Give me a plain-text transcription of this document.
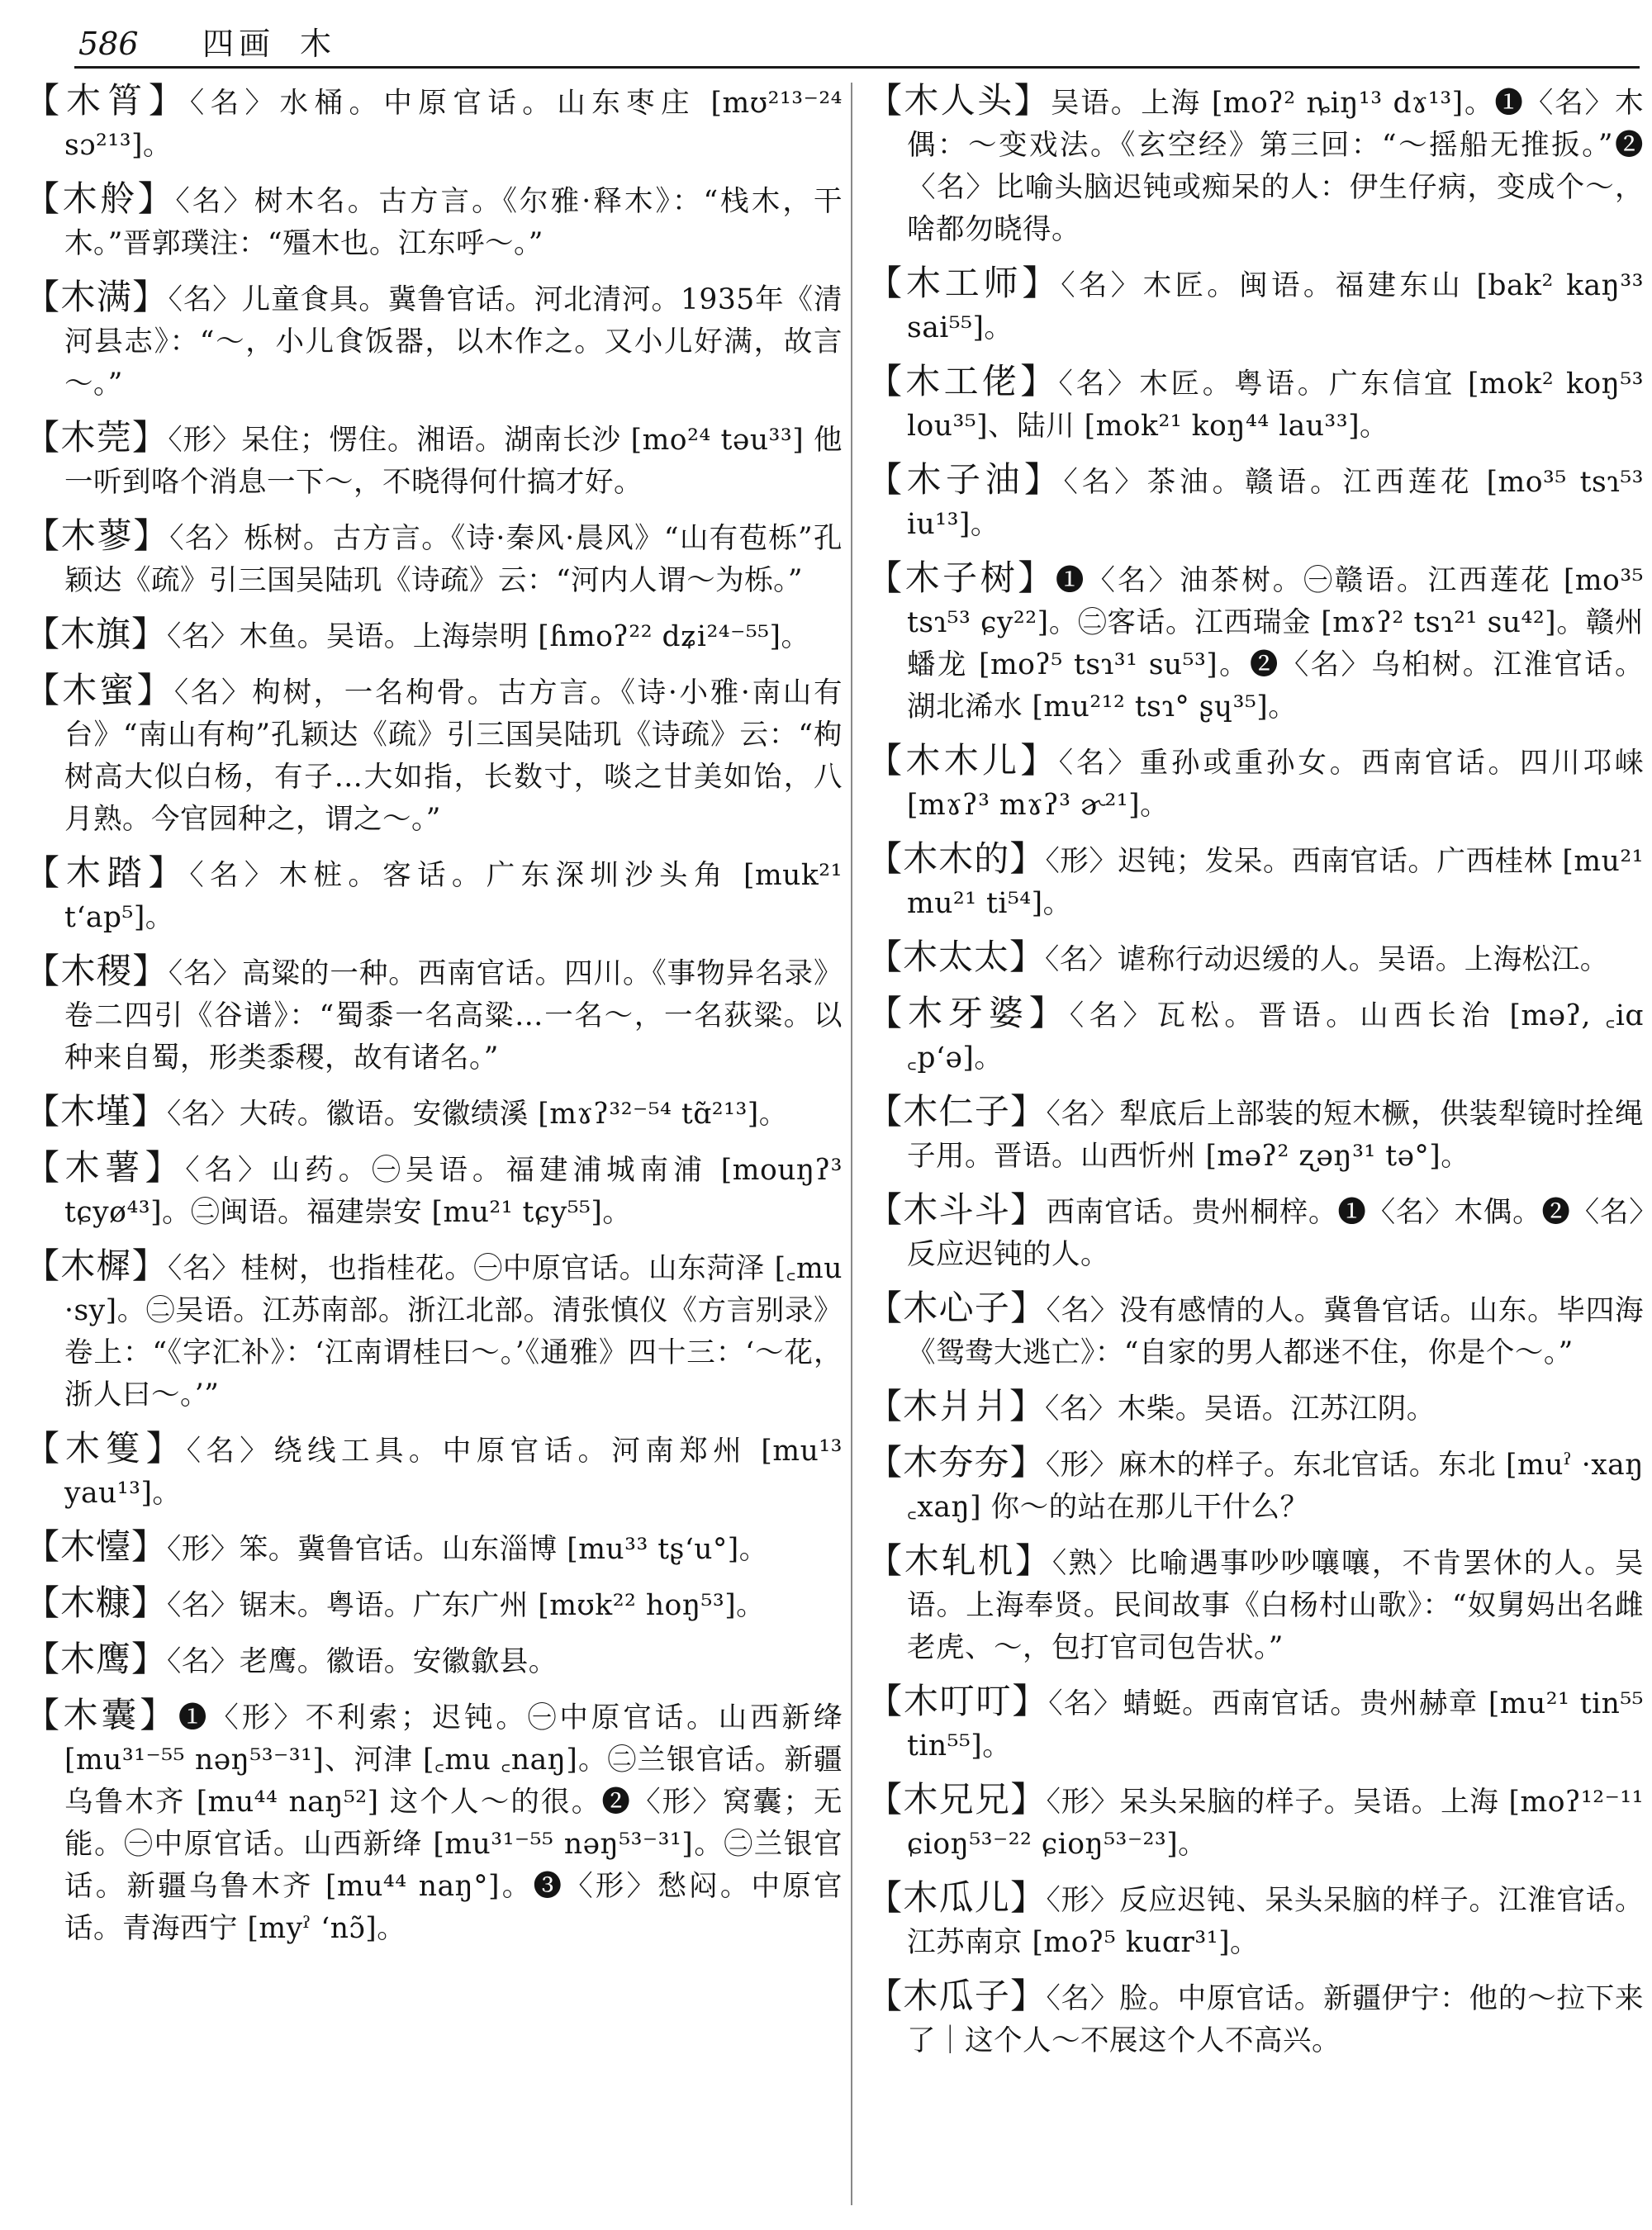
586 四画 木

【木筲】〈名〉水桶。中原官话。山东枣庄 [mʊ²¹³⁻²⁴ sɔ²¹³]。

【木舲】〈名〉树木名。古方言。《尔雅·释木》：“栈木，干木。”晋郭璞注：“殭木也。江东呼～。”

【木满】〈名〉儿童食具。冀鲁官话。河北清河。1935年《清河县志》：“～，小儿食饭器，以木作之。又小儿好满，故言～。”

【木莞】〈形〉呆住；愣住。湘语。湖南长沙 [mo²⁴ təu³³] 他一听到咯个消息一下～，不晓得何什搞才好。

【木蓼】〈名〉栎树。古方言。《诗·秦风·晨风》“山有苞栎”孔颖达《疏》引三国吴陆玑《诗疏》云：“河内人谓～为栎。”

【木旗】〈名〉木鱼。吴语。上海崇明 [ɦmoʔ²² dʑi²⁴⁻⁵⁵]。

【木蜜】〈名〉枸树，一名枸骨。古方言。《诗·小雅·南山有台》“南山有枸”孔颖达《疏》引三国吴陆玑《诗疏》云：“枸树高大似白杨，有子…大如指，长数寸，啖之甘美如饴，八月熟。今官园种之，谓之～。”

【木踏】〈名〉木桩。客话。广东深圳沙头角 [muk²¹ tʻap⁵]。

【木稷】〈名〉高粱的一种。西南官话。四川。《事物异名录》卷二四引《谷谱》：“蜀黍一名高粱…一名～，一名荻粱。以种来自蜀，形类黍稷，故有诸名。”

【木墐】〈名〉大砖。徽语。安徽绩溪 [mɤʔ³²⁻⁵⁴ tɑ̃²¹³]。

【木薯】〈名〉山药。㊀吴语。福建浦城南浦 [mouŋʔ³ tɕyø⁴³]。㊁闽语。福建崇安 [mu²¹ tɕy⁵⁵]。

【木樨】〈名〉桂树，也指桂花。㊀中原官话。山东菏泽 [꜀mu ·sy]。㊁吴语。江苏南部。浙江北部。清张慎仪《方言别录》卷上：“《字汇补》：‘江南谓桂曰～。’《通雅》四十三：‘～花，浙人曰～。’”

【木篗】〈名〉绕线工具。中原官话。河南郑州 [mu¹³ yau¹³]。

【木懛】〈形〉笨。冀鲁官话。山东淄博 [mu³³ tʂʻu°]。

【木糠】〈名〉锯末。粤语。广东广州 [mʊk²² hoŋ⁵³]。

【木鹰】〈名〉老鹰。徽语。安徽歙县。

【木囊】❶〈形〉不利索；迟钝。㊀中原官话。山西新绛 [mu³¹⁻⁵⁵ nəŋ⁵³⁻³¹]、河津 [꜀mu ꜀naŋ]。㊁兰银官话。新疆乌鲁木齐 [mu⁴⁴ naŋ⁵²] 这个人～的很。❷〈形〉窝囊；无能。㊀中原官话。山西新绛 [mu³¹⁻⁵⁵ nəŋ⁵³⁻³¹]。㊁兰银官话。新疆乌鲁木齐 [mu⁴⁴ naŋ°]。❸〈形〉愁闷。中原官话。青海西宁 [myˀ ʻnɔ̃]。

【木人头】吴语。上海 [moʔ² ȵiŋ¹³ dɤ¹³]。❶〈名〉木偶：～变戏法。《玄空经》第三回：“～摇船无推扳。”❷〈名〉比喻头脑迟钝或痴呆的人：伊生仔病，变成个～，啥都勿晓得。

【木工师】〈名〉木匠。闽语。福建东山 [bak² kaŋ³³ sai⁵⁵]。

【木工佬】〈名〉木匠。粤语。广东信宜 [mok² koŋ⁵³ lou³⁵]、陆川 [mok²¹ koŋ⁴⁴ lau³³]。

【木子油】〈名〉茶油。赣语。江西莲花 [mo³⁵ tsɿ⁵³ iu¹³]。

【木子树】❶〈名〉油茶树。㊀赣语。江西莲花 [mo³⁵ tsɿ⁵³ ɕy²²]。㊁客话。江西瑞金 [mɤʔ² tsɿ²¹ su⁴²]。赣州蟠龙 [moʔ⁵ tsɿ³¹ su⁵³]。❷〈名〉乌桕树。江淮官话。湖北浠水 [mu²¹² tsɿ° ʂɥ³⁵]。

【木木儿】〈名〉重孙或重孙女。西南官话。四川邛崃 [mɤʔ³ mɤʔ³ ɚ²¹]。

【木木的】〈形〉迟钝；发呆。西南官话。广西桂林 [mu²¹ mu²¹ ti⁵⁴]。

【木太太】〈名〉谑称行动迟缓的人。吴语。上海松江。

【木牙婆】〈名〉瓦松。晋语。山西长治 [məʔ, ꜀iɑ ꜀pʻə]。

【木仁子】〈名〉犁底后上部装的短木橛，供装犁镜时拴绳子用。晋语。山西忻州 [məʔ² ʐəŋ³¹ tə°]。

【木斗斗】西南官话。贵州桐梓。❶〈名〉木偶。❷〈名〉反应迟钝的人。

【木心子】〈名〉没有感情的人。冀鲁官话。山东。毕四海《鸳鸯大逃亡》：“自家的男人都迷不住，你是个～。”

【木爿爿】〈名〉木柴。吴语。江苏江阴。

【木夯夯】〈形〉麻木的样子。东北官话。东北 [muˀ ·xaŋ ꜀xaŋ] 你～的站在那儿干什么？

【木轧机】〈熟〉比喻遇事吵吵嚷嚷，不肯罢休的人。吴语。上海奉贤。民间故事《白杨村山歌》：“奴舅妈出名雌老虎、～，包打官司包告状。”

【木叮叮】〈名〉蜻蜓。西南官话。贵州赫章 [mu²¹ tin⁵⁵ tin⁵⁵]。

【木兄兄】〈形〉呆头呆脑的样子。吴语。上海 [moʔ¹²⁻¹¹ ɕioŋ⁵³⁻²² ɕioŋ⁵³⁻²³]。

【木瓜儿】〈形〉反应迟钝、呆头呆脑的样子。江淮官话。江苏南京 [moʔ⁵ kuɑr³¹]。

【木瓜子】〈名〉脸。中原官话。新疆伊宁：他的～拉下来了｜这个人～不展这个人不高兴。
